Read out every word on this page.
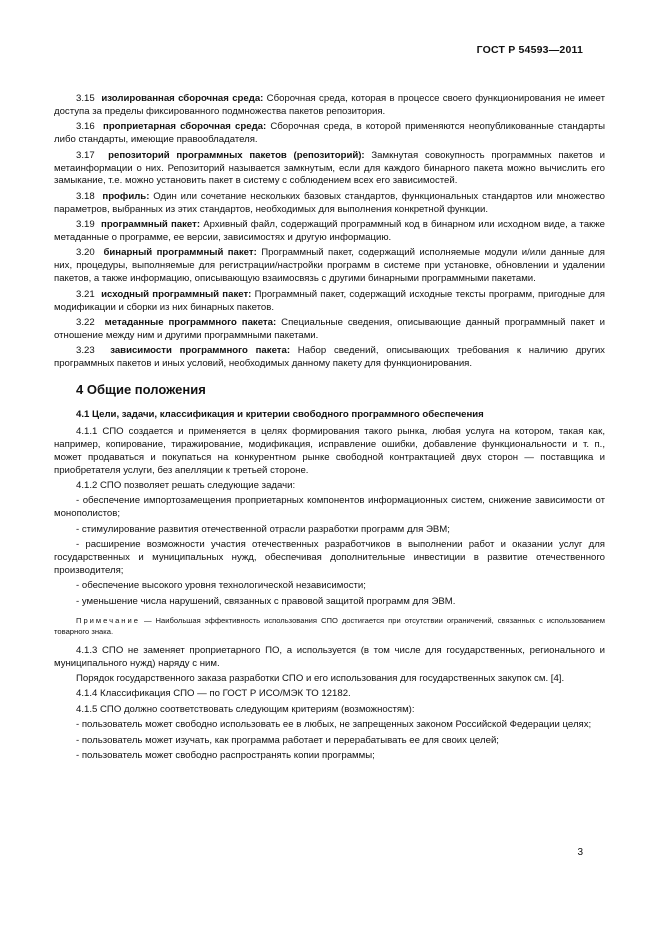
ГОСТ Р 54593—2011
3.15 изолированная сборочная среда: Сборочная среда, которая в процессе своего функционирования не имеет доступа за пределы фиксированного подмножества пакетов репозитория.
3.16 проприетарная сборочная среда: Сборочная среда, в которой применяются неопубликованные стандарты либо стандарты, имеющие правообладателя.
3.17 репозиторий программных пакетов (репозиторий): Замкнутая совокупность программных пакетов и метаинформации о них. Репозиторий называется замкнутым, если для каждого бинарного пакета можно вычислить его замыкание, т.е. можно установить пакет в систему с соблюдением всех его зависимостей.
3.18 профиль: Один или сочетание нескольких базовых стандартов, функциональных стандартов или множество параметров, выбранных из этих стандартов, необходимых для выполнения конкретной функции.
3.19 программный пакет: Архивный файл, содержащий программный код в бинарном или исходном виде, а также метаданные о программе, ее версии, зависимостях и другую информацию.
3.20 бинарный программный пакет: Программный пакет, содержащий исполняемые модули и/или данные для них, процедуры, выполняемые для регистрации/настройки программ в системе при установке, обновлении и удалении пакетов, а также информацию, описывающую взаимосвязь с другими бинарными программными пакетами.
3.21 исходный программный пакет: Программный пакет, содержащий исходные тексты программ, пригодные для модификации и сборки из них бинарных пакетов.
3.22 метаданные программного пакета: Специальные сведения, описывающие данный программный пакет и отношение между ним и другими программными пакетами.
3.23 зависимости программного пакета: Набор сведений, описывающих требования к наличию других программных пакетов и иных условий, необходимых данному пакету для функционирования.
4 Общие положения
4.1 Цели, задачи, классификация и критерии свободного программного обеспечения
4.1.1 СПО создается и применяется в целях формирования такого рынка, любая услуга на котором, такая как, например, копирование, тиражирование, модификация, исправление ошибки, добавление функциональности и т. п., может продаваться и покупаться на конкурентном рынке свободной контрактацией двух сторон — поставщика и приобретателя услуги, без апелляции к третьей стороне.
4.1.2 СПО позволяет решать следующие задачи:
- обеспечение импортозамещения проприетарных компонентов информационных систем, снижение зависимости от монополистов;
- стимулирование развития отечественной отрасли разработки программ для ЭВМ;
- расширение возможности участия отечественных разработчиков в выполнении работ и оказании услуг для государственных и муниципальных нужд, обеспечивая дополнительные инвестиции в развитие отечественного производителя;
- обеспечение высокого уровня технологической независимости;
- уменьшение числа нарушений, связанных с правовой защитой программ для ЭВМ.
Примечание — Наибольшая эффективность использования СПО достигается при отсутствии ограничений, связанных с использованием товарного знака.
4.1.3 СПО не заменяет проприетарного ПО, а используется (в том числе для государственных, регионального и муниципального нужд) наряду с ним.
Порядок государственного заказа разработки СПО и его использования для государственных закупок см. [4].
4.1.4 Классификация СПО — по ГОСТ Р ИСО/МЭК ТО 12182.
4.1.5 СПО должно соответствовать следующим критериям (возможностям):
- пользователь может свободно использовать ее в любых, не запрещенных законом Российской Федерации целях;
- пользователь может изучать, как программа работает и перерабатывать ее для своих целей;
- пользователь может свободно распространять копии программы;
3
